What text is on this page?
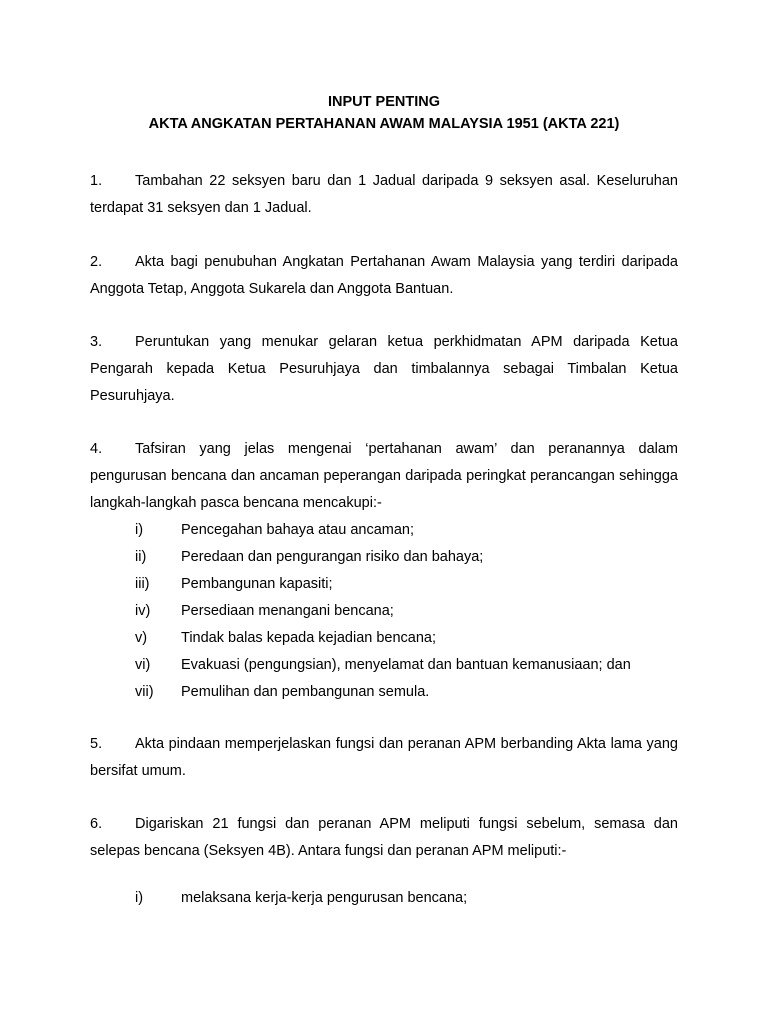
INPUT PENTING
AKTA ANGKATAN PERTAHANAN AWAM MALAYSIA 1951 (AKTA 221)
1. Tambahan 22 seksyen baru dan 1 Jadual daripada 9 seksyen asal. Keseluruhan terdapat 31 seksyen dan 1 Jadual.
2. Akta bagi penubuhan Angkatan Pertahanan Awam Malaysia yang terdiri daripada Anggota Tetap, Anggota Sukarela dan Anggota Bantuan.
3. Peruntukan yang menukar gelaran ketua perkhidmatan APM daripada Ketua Pengarah kepada Ketua Pesuruhjaya dan timbalannya sebagai Timbalan Ketua Pesuruhjaya.
4. Tafsiran yang jelas mengenai ‘pertahanan awam’ dan peranannya dalam pengurusan bencana dan ancaman peperangan daripada peringkat perancangan sehingga langkah-langkah pasca bencana mencakupi:-
i)	Pencegahan bahaya atau ancaman;
ii) Peredaan dan pengurangan risiko dan bahaya;
iii) Pembangunan kapasiti;
iv) Persediaan menangani bencana;
v) Tindak balas kepada kejadian bencana;
vi) Evakuasi (pengungsian), menyelamat dan bantuan kemanusiaan; dan
vii) Pemulihan dan pembangunan semula.
5. Akta pindaan memperjelaskan fungsi dan peranan APM berbanding Akta lama yang bersifat umum.
6. Digariskan 21 fungsi dan peranan APM meliputi fungsi sebelum, semasa dan selepas bencana (Seksyen 4B). Antara fungsi dan peranan APM meliputi:-
i)	melaksana kerja-kerja pengurusan bencana;
